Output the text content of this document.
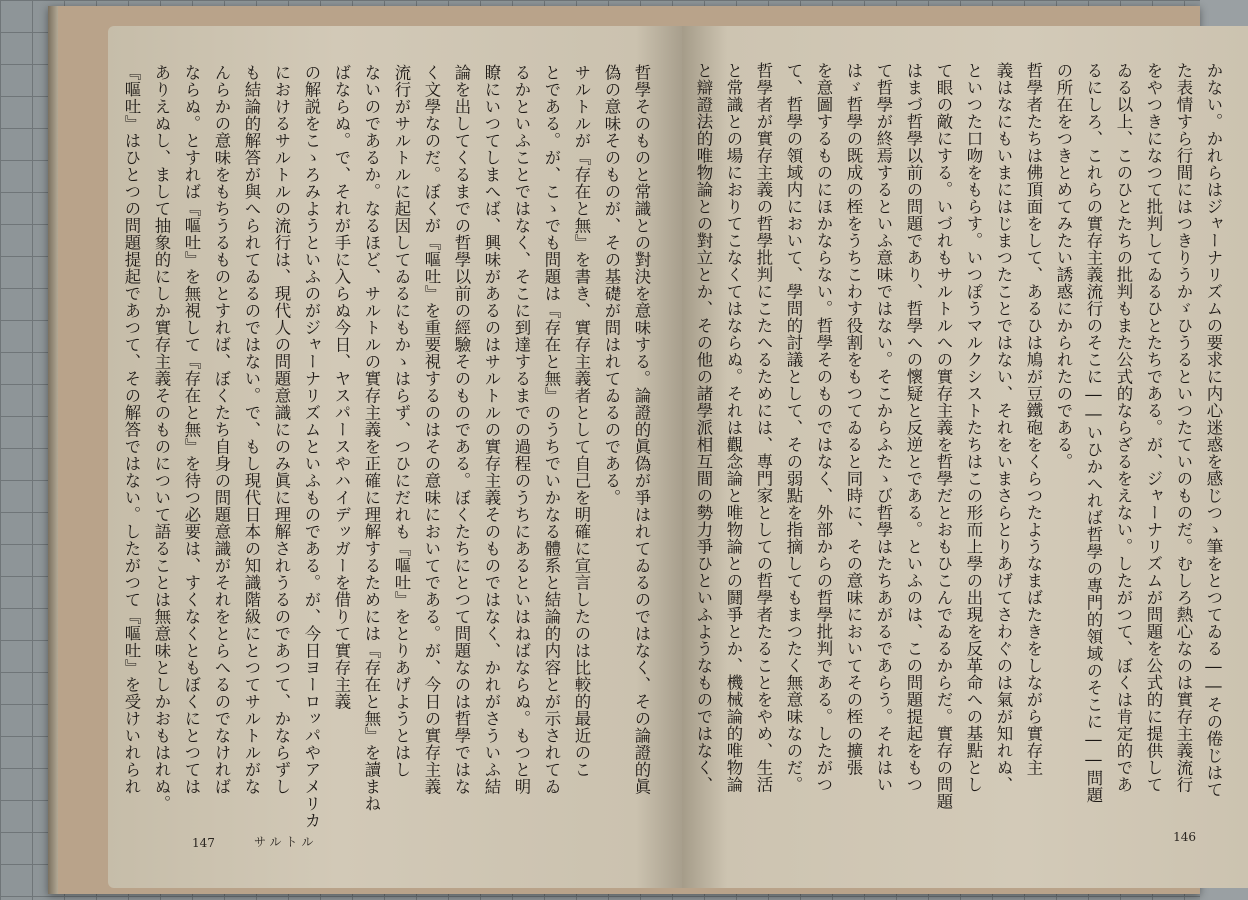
哲學そのものと常識との對決を意味する。論證的眞偽が爭はれてゐるのではなく、その論證的眞

偽の意味そのものが、その基礎が問はれてゐるのである。

サルトルが『存在と無』を書き、實存主義者として自己を明確に宣言したのは比較的最近のこ

とである。が、こゝでも問題は『存在と無』のうちでいかなる體系と結論的内容とが示されてゐ

るかといふことではなく、そこに到達するまでの過程のうちにあるといはねばならぬ。もつと明

瞭にいつてしまへば、興味があるのはサルトルの實存主義そのものではなく、かれがさういふ結

論を出してくるまでの哲學以前の經驗そのものである。ぼくたちにとつて問題なのは哲學ではな

く文學なのだ。ぼくが『嘔吐』を重要視するのはその意味においてである。が、今日の實存主義

流行がサルトルに起因してゐるにもかゝはらず、つひにだれも『嘔吐』をとりあげようとはし

ないのであるか。なるほど、サルトルの實存主義を正確に理解するためには『存在と無』を讀まね

ばならぬ。で、それが手に入らぬ今日、ヤスパースやハイデッガーを借りて實存主義

の解説をこゝろみようといふのがジャーナリズムといふものである。が、今日ヨーロッパやアメリカ

におけるサルトルの流行は、現代人の問題意識にのみ眞に理解されうるのであつて、かならずし

も結論的解答が與へられてゐるのではない。で、もし現代日本の知識階級にとつてサルトルがな

んらかの意味をもちうるものとすれば、ぼくたち自身の問題意識がそれをとらへるのでなければ

ならぬ。とすれば『嘔吐』を無視して『存在と無』を待つ必要は、すくなくともぼくにとつては

ありえぬし、まして抽象的にしか實存主義そのものについて語ることは無意味としかおもはれぬ。

『嘔吐』はひとつの問題提起であつて、その解答ではない。したがつて『嘔吐』を受けいれられ

147	サルトル

かない。かれらはジャーナリズムの要求に内心迷惑を感じつゝ筆をとつてゐる――その倦じはて

た表情すら行間にはつきりうかゞひうるといつたていのものだ。むしろ熱心なのは實存主義流行

をやつきになつて批判してゐるひとたちである。が、ジャーナリズムが問題を公式的に提供して

ゐる以上、このひとたちの批判もまた公式的ならざるをえない。したがつて、ぼくは肯定的であ

るにしろ、これらの實存主義流行のそこに――いひかへれば哲學の專門的領域のそこに――問題

の所在をつきとめてみたい誘惑にかられたのである。

哲學者たちは佛頂面をして、あるひは鳩が豆鐵砲をくらつたようなまばたきをしながら實存主

義はなにもいまにはじまつたことではない、それをいまさらとりあげてさわぐのは氣が知れぬ、

といつた口吻をもらす。いつぽうマルクシストたちはこの形而上學の出現を反革命への基點とし

て眼の敵にする。いづれもサルトルへの實存主義を哲學だとおもひこんでゐるからだ。實存の問題

はまづ哲學以前の問題であり、哲學への懷疑と反逆とである。といふのは、この問題提起をもつ

て哲學が終焉するといふ意味ではない。そこからふたゝび哲學はたちあがるであらう。それはい

はゞ哲學の既成の桎をうちこわす役割をもつてゐると同時に、その意味においてその桎の擴張

を意圖するものにほかならない。哲學そのものではなく、外部からの哲學批判である。したがつ

て、哲學の領域内において、學問的討議として、その弱點を指摘してもまつたく無意味なのだ。

哲學者が實存主義の哲學批判にこたへるためには、專門家としての哲學者たることをやめ、生活

と常識との場におりてこなくてはならぬ。それは觀念論と唯物論との鬪爭とか、機械論的唯物論

と辯證法的唯物論との對立とか、その他の諸學派相互間の勢力爭ひといふようなものではなく、

146
